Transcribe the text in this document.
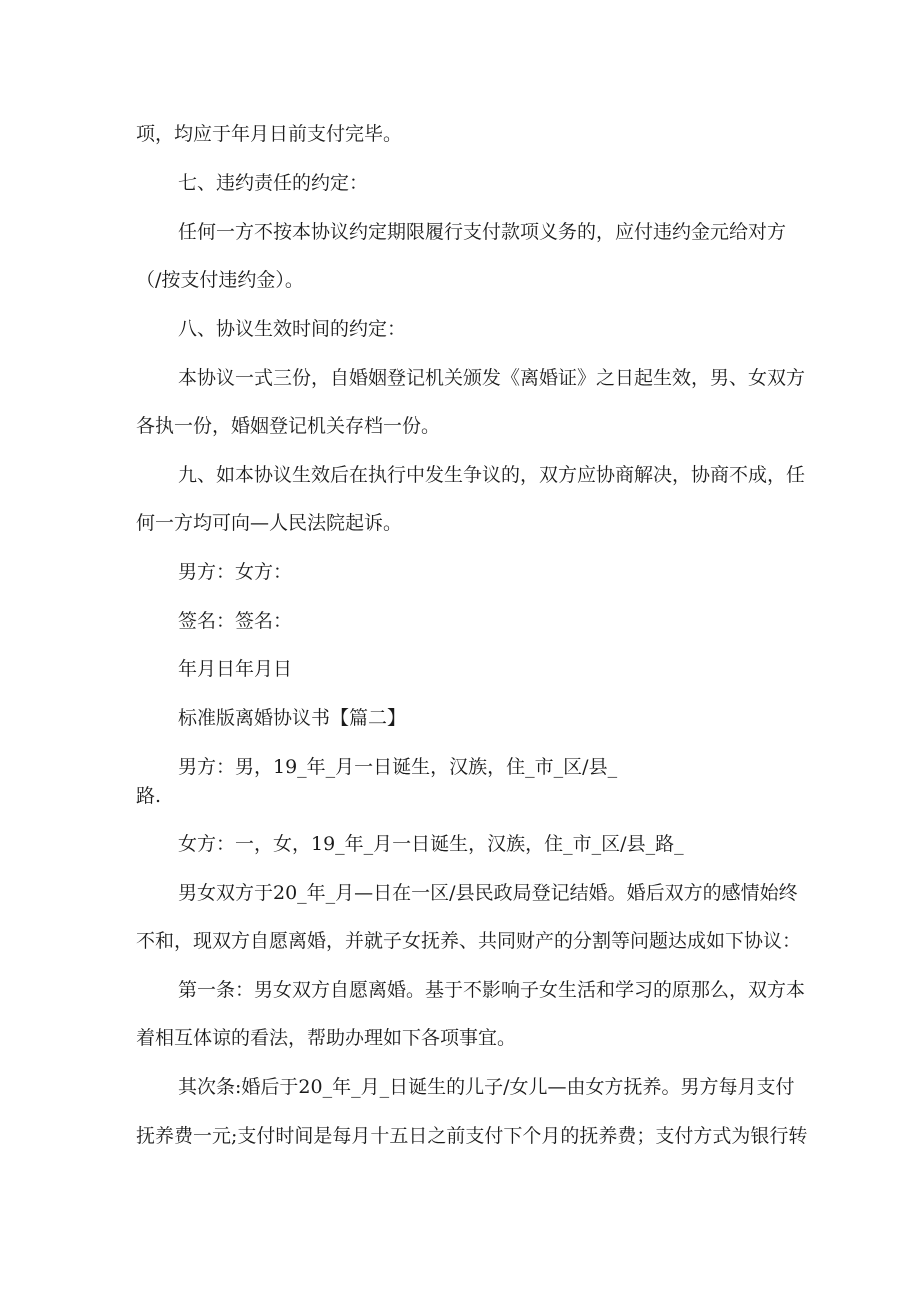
项，均应于年月日前支付完毕。
七、违约责任的约定：
任何一方不按本协议约定期限履行支付款项义务的，应付违约金元给对方
（/按支付违约金）。
八、协议生效时间的约定：
本协议一式三份，自婚姻登记机关颁发《离婚证》之日起生效，男、女双方
各执一份，婚姻登记机关存档一份。
九、如本协议生效后在执行中发生争议的，双方应协商解决，协商不成，任
何一方均可向—人民法院起诉。
男方：女方：
签名：签名：
年月日年月日
标准版离婚协议书【篇二】
男方：男，19_年_月一日诞生，汉族，住_市_区/县_
路.
女方：一，女，19_年_月一日诞生，汉族，住_市_区/县_路_
男女双方于20_年_月—日在一区/县民政局登记结婚。婚后双方的感情始终
不和，现双方自愿离婚，并就子女抚养、共同财产的分割等问题达成如下协议：
第一条：男女双方自愿离婚。基于不影响子女生活和学习的原那么，双方本
着相互体谅的看法，帮助办理如下各项事宜。
其次条:婚后于20_年_月_日诞生的儿子/女儿—由女方抚养。男方每月支付
抚养费一元;支付时间是每月十五日之前支付下个月的抚养费；支付方式为银行转
